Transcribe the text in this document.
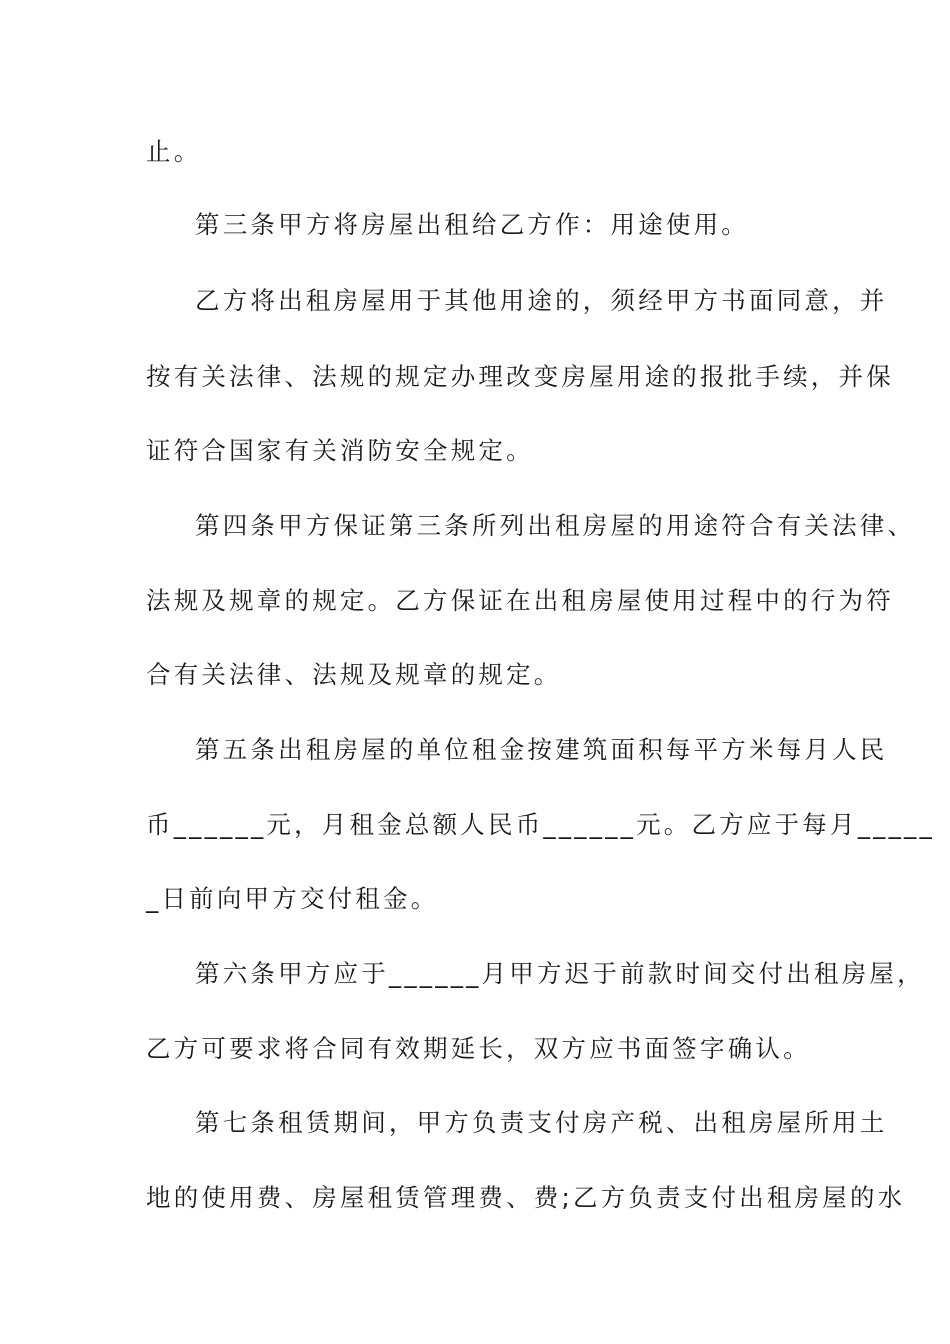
止。
第三条甲方将房屋出租给乙方作：用途使用。
乙方将出租房屋用于其他用途的，须经甲方书面同意，并
按有关法律、法规的规定办理改变房屋用途的报批手续，并保
证符合国家有关消防安全规定。
第四条甲方保证第三条所列出租房屋的用途符合有关法律、
法规及规章的规定。乙方保证在出租房屋使用过程中的行为符
合有关法律、法规及规章的规定。
第五条出租房屋的单位租金按建筑面积每平方米每月人民
币______元，月租金总额人民币______元。乙方应于每月_____
_日前向甲方交付租金。
第六条甲方应于______月甲方迟于前款时间交付出租房屋，
乙方可要求将合同有效期延长，双方应书面签字确认。
第七条租赁期间，甲方负责支付房产税、出租房屋所用土
地的使用费、房屋租赁管理费、费;乙方负责支付出租房屋的水
